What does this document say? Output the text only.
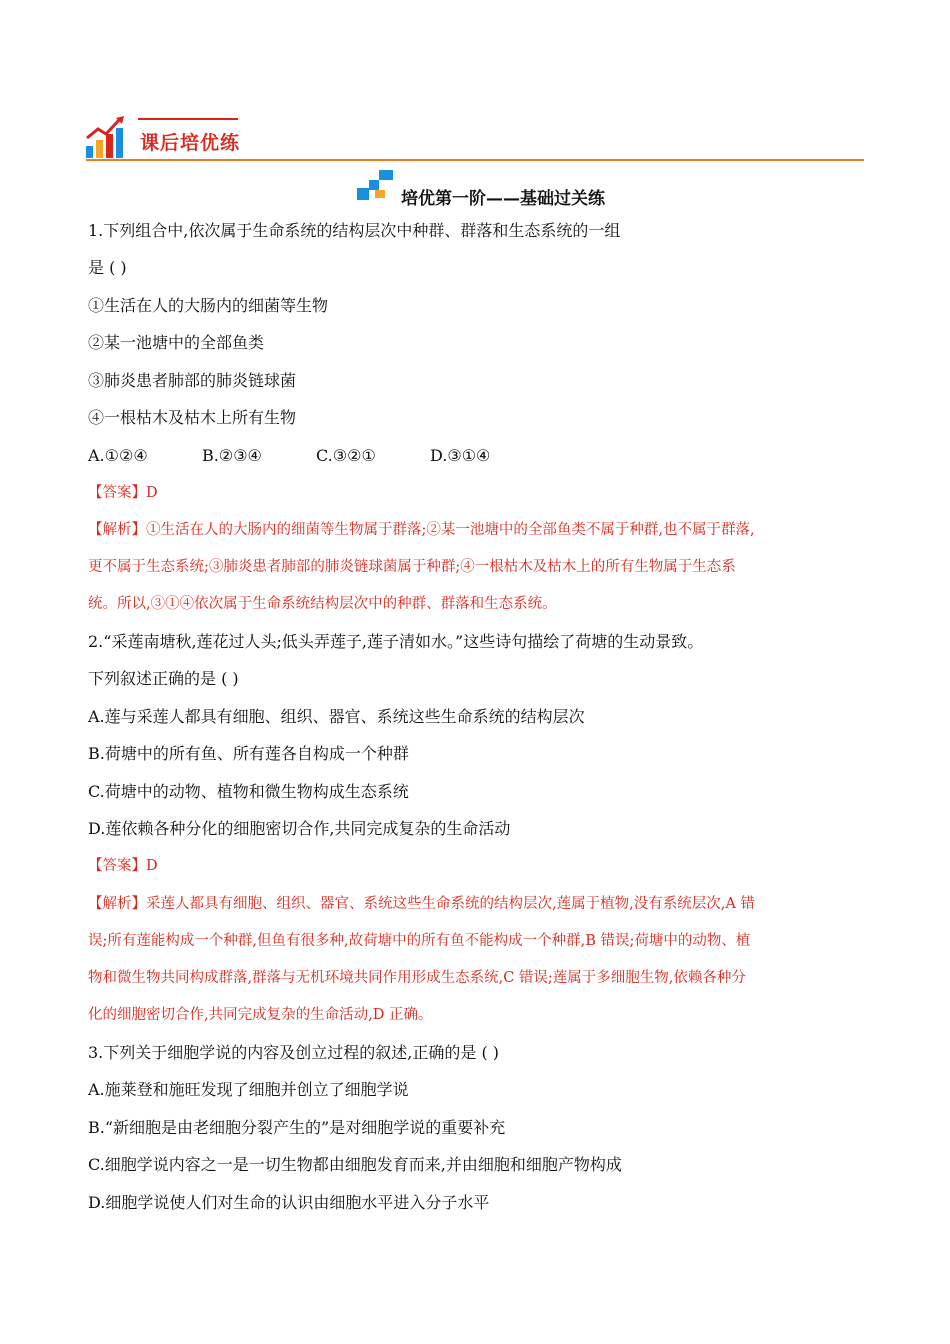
课后培优练
培优第一阶——基础过关练
1.下列组合中,依次属于生命系统的结构层次中种群、群落和生态系统的一组
是 ( )
①生活在人的大肠内的细菌等生物
②某一池塘中的全部鱼类
③肺炎患者肺部的肺炎链球菌
④一根枯木及枯木上所有生物
A.①②④	B.②③④	C.③②①	D.③①④
【答案】D
【解析】①生活在人的大肠内的细菌等生物属于群落;②某一池塘中的全部鱼类不属于种群,也不属于群落,
更不属于生态系统;③肺炎患者肺部的肺炎链球菌属于种群;④一根枯木及枯木上的所有生物属于生态系
统。所以,③①④依次属于生命系统结构层次中的种群、群落和生态系统。
2.“采莲南塘秋,莲花过人头;低头弄莲子,莲子清如水。”这些诗句描绘了荷塘的生动景致。
下列叙述正确的是 ( )
A.莲与采莲人都具有细胞、组织、器官、系统这些生命系统的结构层次
B.荷塘中的所有鱼、所有莲各自构成一个种群
C.荷塘中的动物、植物和微生物构成生态系统
D.莲依赖各种分化的细胞密切合作,共同完成复杂的生命活动
【答案】D
【解析】采莲人都具有细胞、组织、器官、系统这些生命系统的结构层次,莲属于植物,没有系统层次,A 错
误;所有莲能构成一个种群,但鱼有很多种,故荷塘中的所有鱼不能构成一个种群,B 错误;荷塘中的动物、植
物和微生物共同构成群落,群落与无机环境共同作用形成生态系统,C 错误;莲属于多细胞生物,依赖各种分
化的细胞密切合作,共同完成复杂的生命活动,D 正确。
3.下列关于细胞学说的内容及创立过程的叙述,正确的是 ( )
A.施莱登和施旺发现了细胞并创立了细胞学说
B.“新细胞是由老细胞分裂产生的”是对细胞学说的重要补充
C.细胞学说内容之一是一切生物都由细胞发育而来,并由细胞和细胞产物构成
D.细胞学说使人们对生命的认识由细胞水平进入分子水平
